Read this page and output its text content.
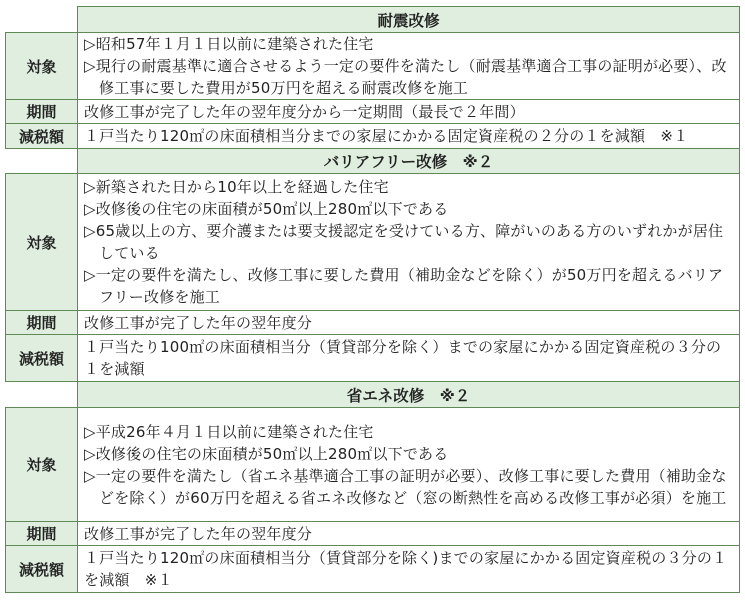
	耐震改修
対象	▷昭和57年１月１日以前に建築された住宅
▷現行の耐震基準に適合させるよう一定の要件を満たし（耐震基準適合工事の証明が必要）、改修工事に要した費用が50万円を超える耐震改修を施工

期間	改修工事が完了した年の翌年度分から一定期間（最長で２年間）
減税額	１戸当たり120㎡の床面積相当分までの家屋にかかる固定資産税の２分の１を減額　※１
	バリアフリー改修　※２
対象	▷新築された日から10年以上を経過した住宅
▷改修後の住宅の床面積が50㎡以上280㎡以下である
▷65歳以上の方、要介護または要支援認定を受けている方、障がいのある方のいずれかが居住している
▷一定の要件を満たし、改修工事に要した費用（補助金などを除く）が50万円を超えるバリアフリー改修を施工

期間	改修工事が完了した年の翌年度分
減税額	１戸当たり100㎡の床面積相当分（賃貸部分を除く）までの家屋にかかる固定資産税の３分の１を減額
	省エネ改修　※２
対象	▷平成26年４月１日以前に建築された住宅
▷改修後の住宅の床面積が50㎡以上280㎡以下である
▷一定の要件を満たし（省エネ基準適合工事の証明が必要）、改修工事に要した費用（補助金などを除く）が60万円を超える省エネ改修など（窓の断熱性を高める改修工事が必須）を施工

期間	改修工事が完了した年の翌年度分
減税額	１戸当たり120㎡の床面積相当分（賃貸部分を除く)までの家屋にかかる固定資産税の３分の１を減額　※１
